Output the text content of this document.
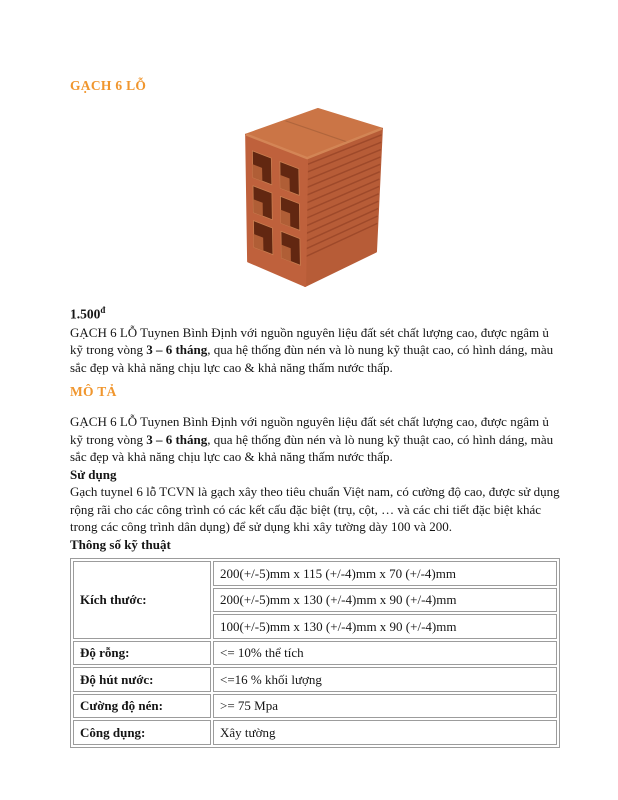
GẠCH 6 LỖ
$1.500^đ$

GẠCH 6 LỖ Tuynen Bình Định với nguồn nguyên liệu đất sét chất lượng cao, được ngâm ủ kỹ trong vòng 3 – 6 tháng, qua hệ thống đùn nén và lò nung kỹ thuật cao, có hình dáng, màu sắc đẹp và khả năng chịu lực cao & khả năng thấm nước thấp.

MÔ TẢ

GẠCH 6 LỖ Tuynen Bình Định với nguồn nguyên liệu đất sét chất lượng cao, được ngâm ủ kỹ trong vòng 3 – 6 tháng, qua hệ thống đùn nén và lò nung kỹ thuật cao, có hình dáng, màu sắc đẹp và khả năng chịu lực cao & khả năng thấm nước thấp.

Sử dụng

Gạch tuynel 6 lỗ TCVN là gạch xây theo tiêu chuẩn Việt nam, có cường độ cao, được sử dụng rộng rãi cho các công trình có các kết cấu đặc biệt (trụ, cột, … và các chi tiết đặc biệt khác trong các công trình dân dụng) để sử dụng khi xây tường dày 100 và 200.

Thông số kỹ thuật

Kích thước:	200(+/-5)mm x 115 (+/-4)mm x 70 (+/-4)mm
	200(+/-5)mm x 130 (+/-4)mm x 90 (+/-4)mm
	100(+/-5)mm x 130 (+/-4)mm x 90 (+/-4)mm
Độ rỗng:	<= 10% thể tích
Độ hút nước:	<=16 % khối lượng
Cường độ nén:	>= 75 Mpa
Công dụng:	Xây tường
